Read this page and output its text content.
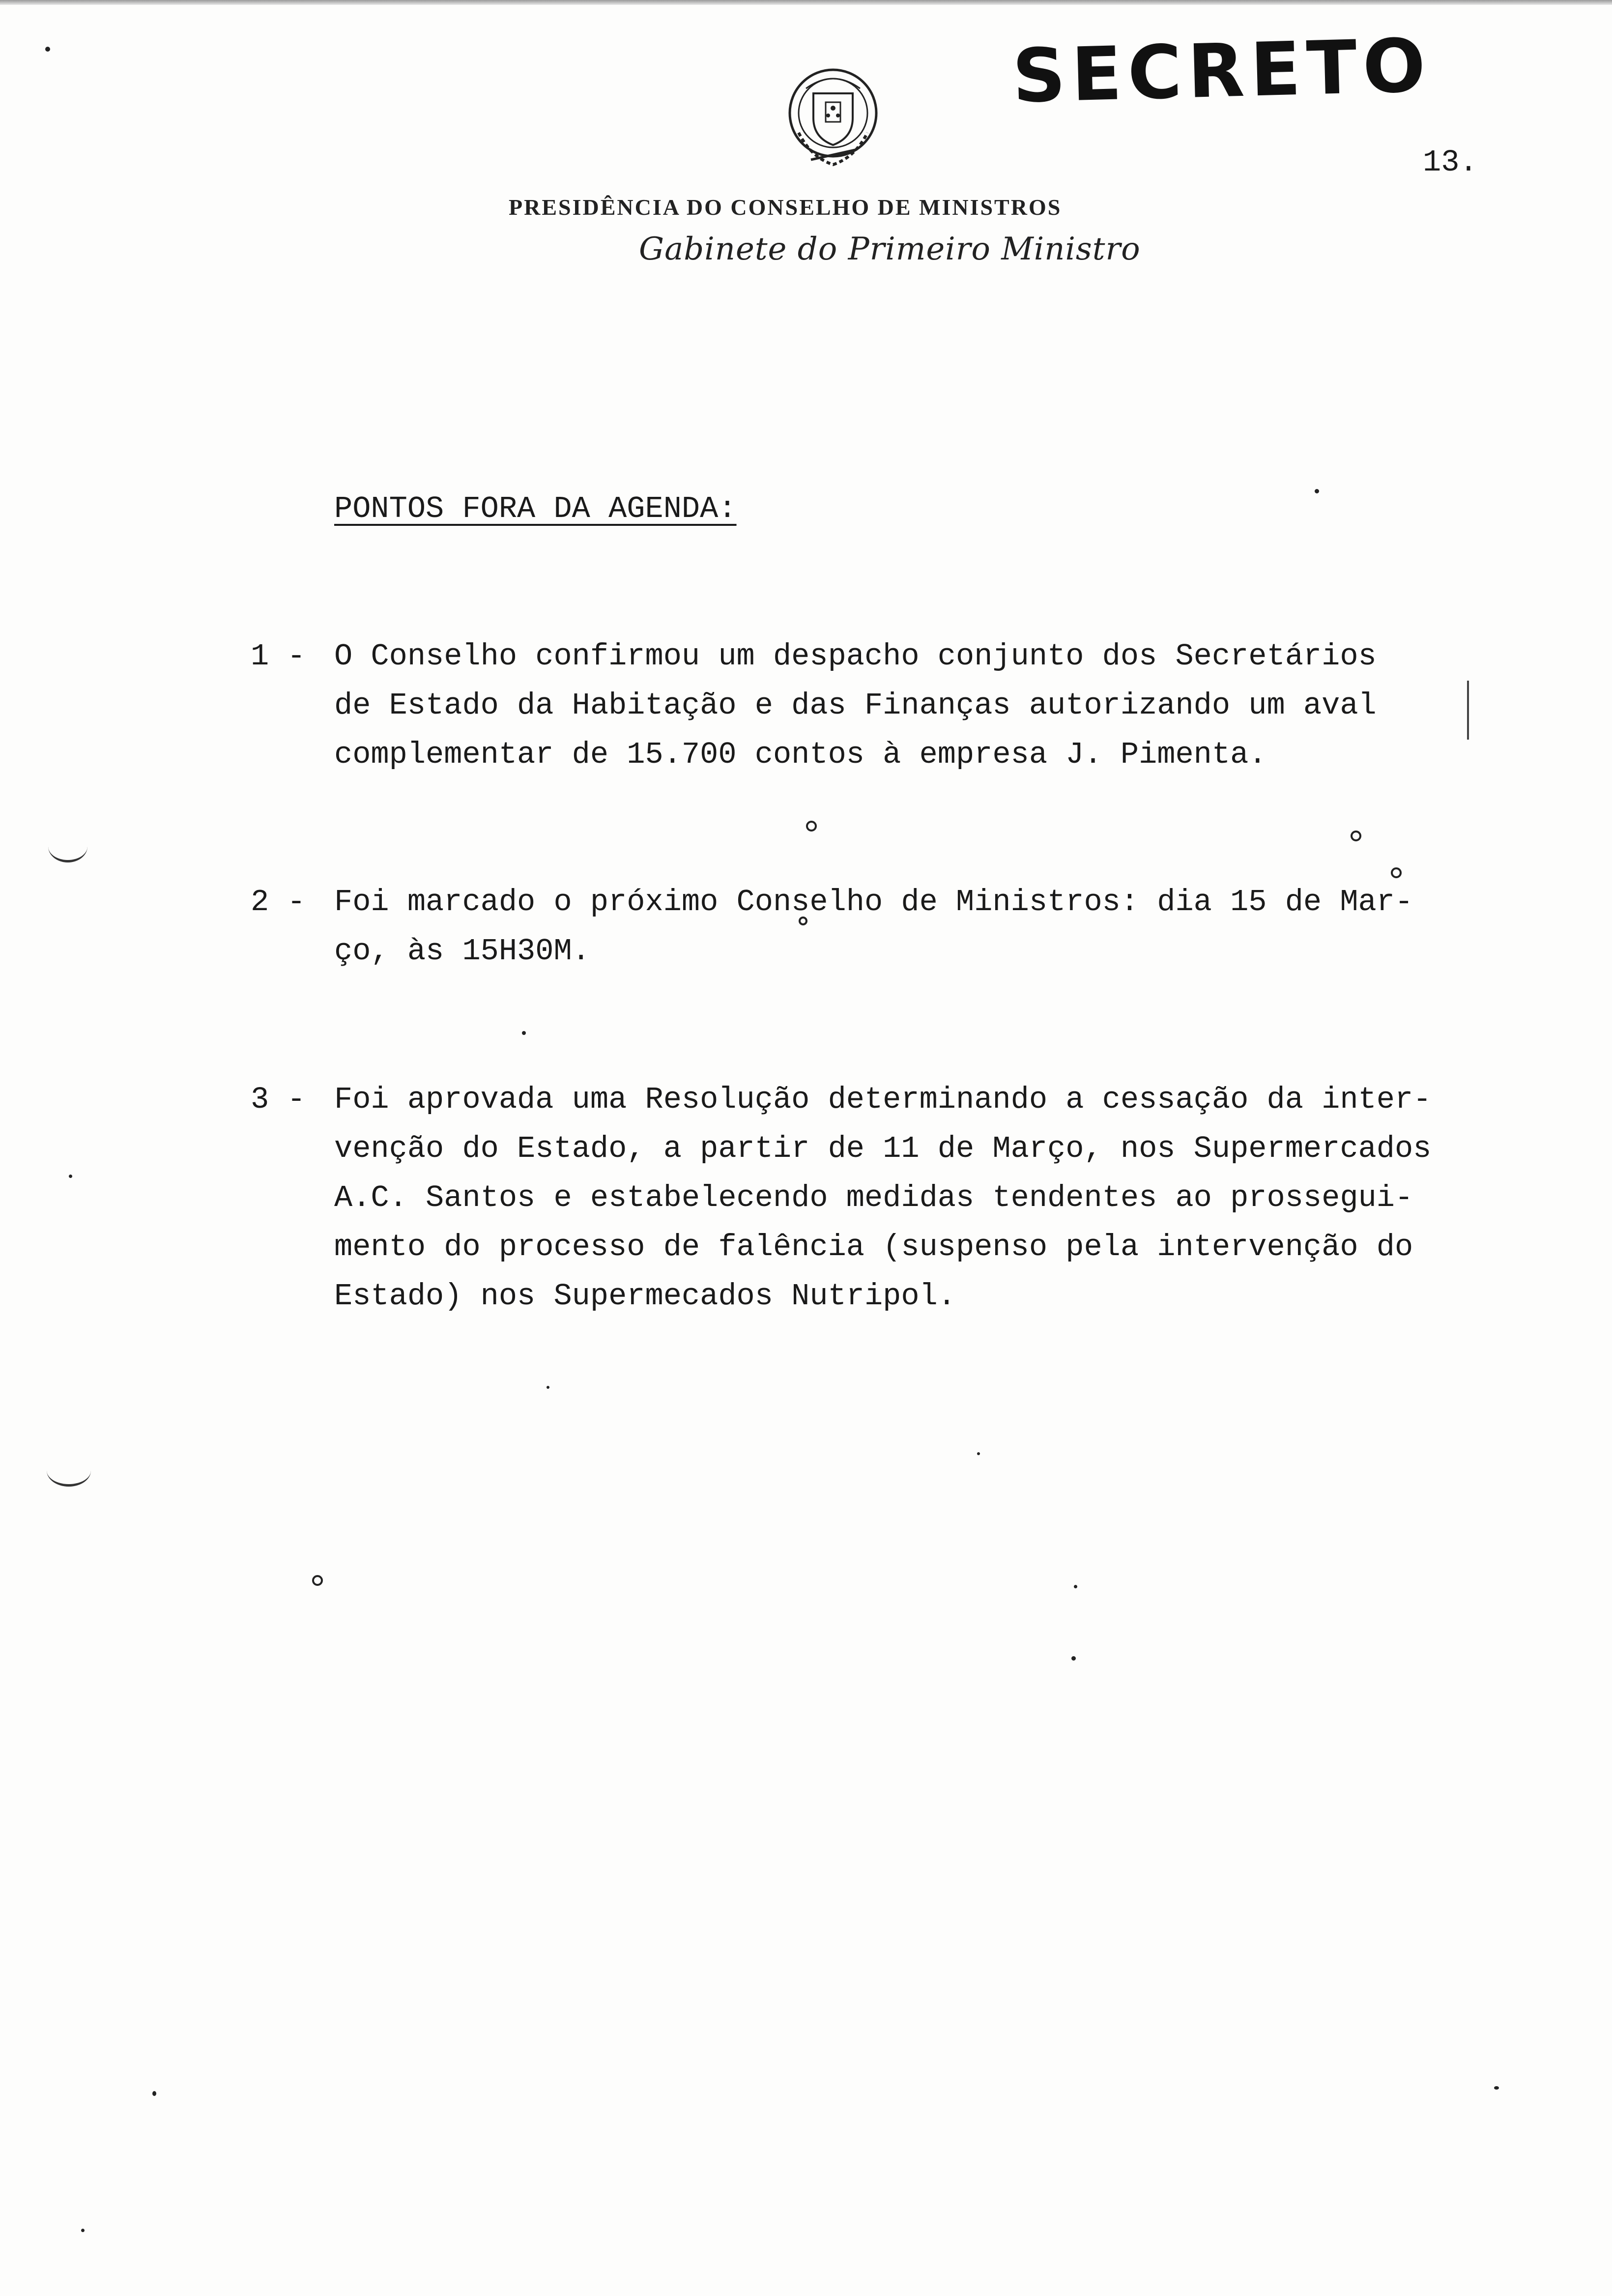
SECRETO
13.
PRESIDÊNCIA DO CONSELHO DE MINISTROS
Gabinete do Primeiro Ministro
PONTOS FORA DA AGENDA:
1 - O Conselho confirmou um despacho conjunto dos Secretários
de Estado da Habitação e das Finanças autorizando um aval
complementar de 15.700 contos à empresa J. Pimenta.
2 - Foi marcado o próximo Conselho de Ministros: dia 15 de Mar-
ço, às 15H30M.
3 - Foi aprovada uma Resolução determinando a cessação da inter-
venção do Estado, a partir de 11 de Março, nos Supermercados
A.C. Santos e estabelecendo medidas tendentes ao prossegui-
mento do processo de falência (suspenso pela intervenção do
Estado) nos Supermecados Nutripol.
